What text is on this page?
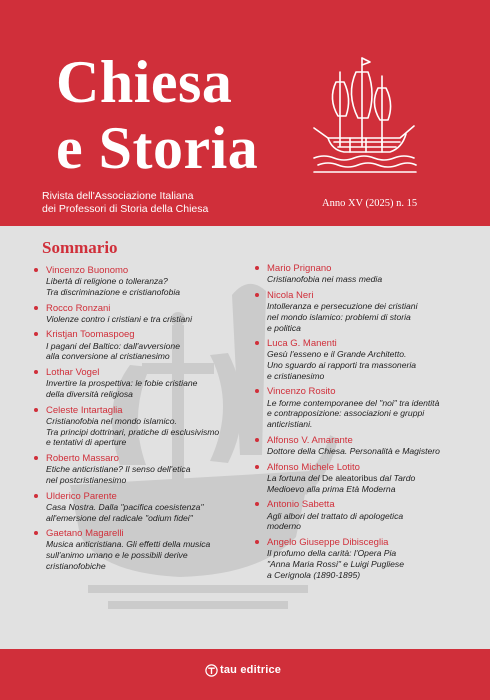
Chiesa
e Storia
Rivista dell'Associazione Italiana
dei Professori di Storia della Chiesa	Anno XV (2025) n. 15
Sommario
Vincenzo Buonomo
Libertà di religione o tolleranza?
Tra discriminazione e cristianofobia
Rocco Ronzani
Violenze contro i cristiani e tra cristiani
Kristjan Toomaspoeg
I pagani del Baltico: dall'avversione
alla conversione al cristianesimo
Lothar Vogel
Invertire la prospettiva: le fobie cristiane
della diversità religiosa
Celeste Intartaglia
Cristianofobia nel mondo islamico.
Tra principi dottrinari, pratiche di esclusivismo
e tentativi di aperture
Roberto Massaro
Etiche anticristiane? Il senso dell'etica
nel postcristianesimo
Ulderico Parente
Casa Nostra. Dalla "pacifica coesistenza"
all'emersione del radicale "odium fidei"
Gaetano Magarelli
Musica anticristiana. Gli effetti della musica
sull'animo umano e le possibili derive
cristianofobiche
Mario Prignano
Cristianofobia nei mass media
Nicola Neri
Intolleranza e persecuzione dei cristiani
nel mondo islamico: problemi di storia
e politica
Luca G. Manenti
Gesù l'esseno e il Grande Architetto.
Uno sguardo ai rapporti tra massoneria
e cristianesimo
Vincenzo Rosito
Le forme contemporanee del "noi" tra identità
e contrapposizione: associazioni e gruppi
anticristiani.
Alfonso V. Amarante
Dottore della Chiesa. Personalità e Magistero
Alfonso Michele Lotito
La fortuna del De aleatoribus dal Tardo
Medioevo alla prima Età Moderna
Antonio Sabetta
Agli albori del trattato di apologetica
moderno
Angelo Giuseppe Dibisceglia
Il profumo della carità: l'Opera Pia
"Anna Maria Rossi" e Luigi Pugliese
a Cerignola (1890-1895)
tau editrice
